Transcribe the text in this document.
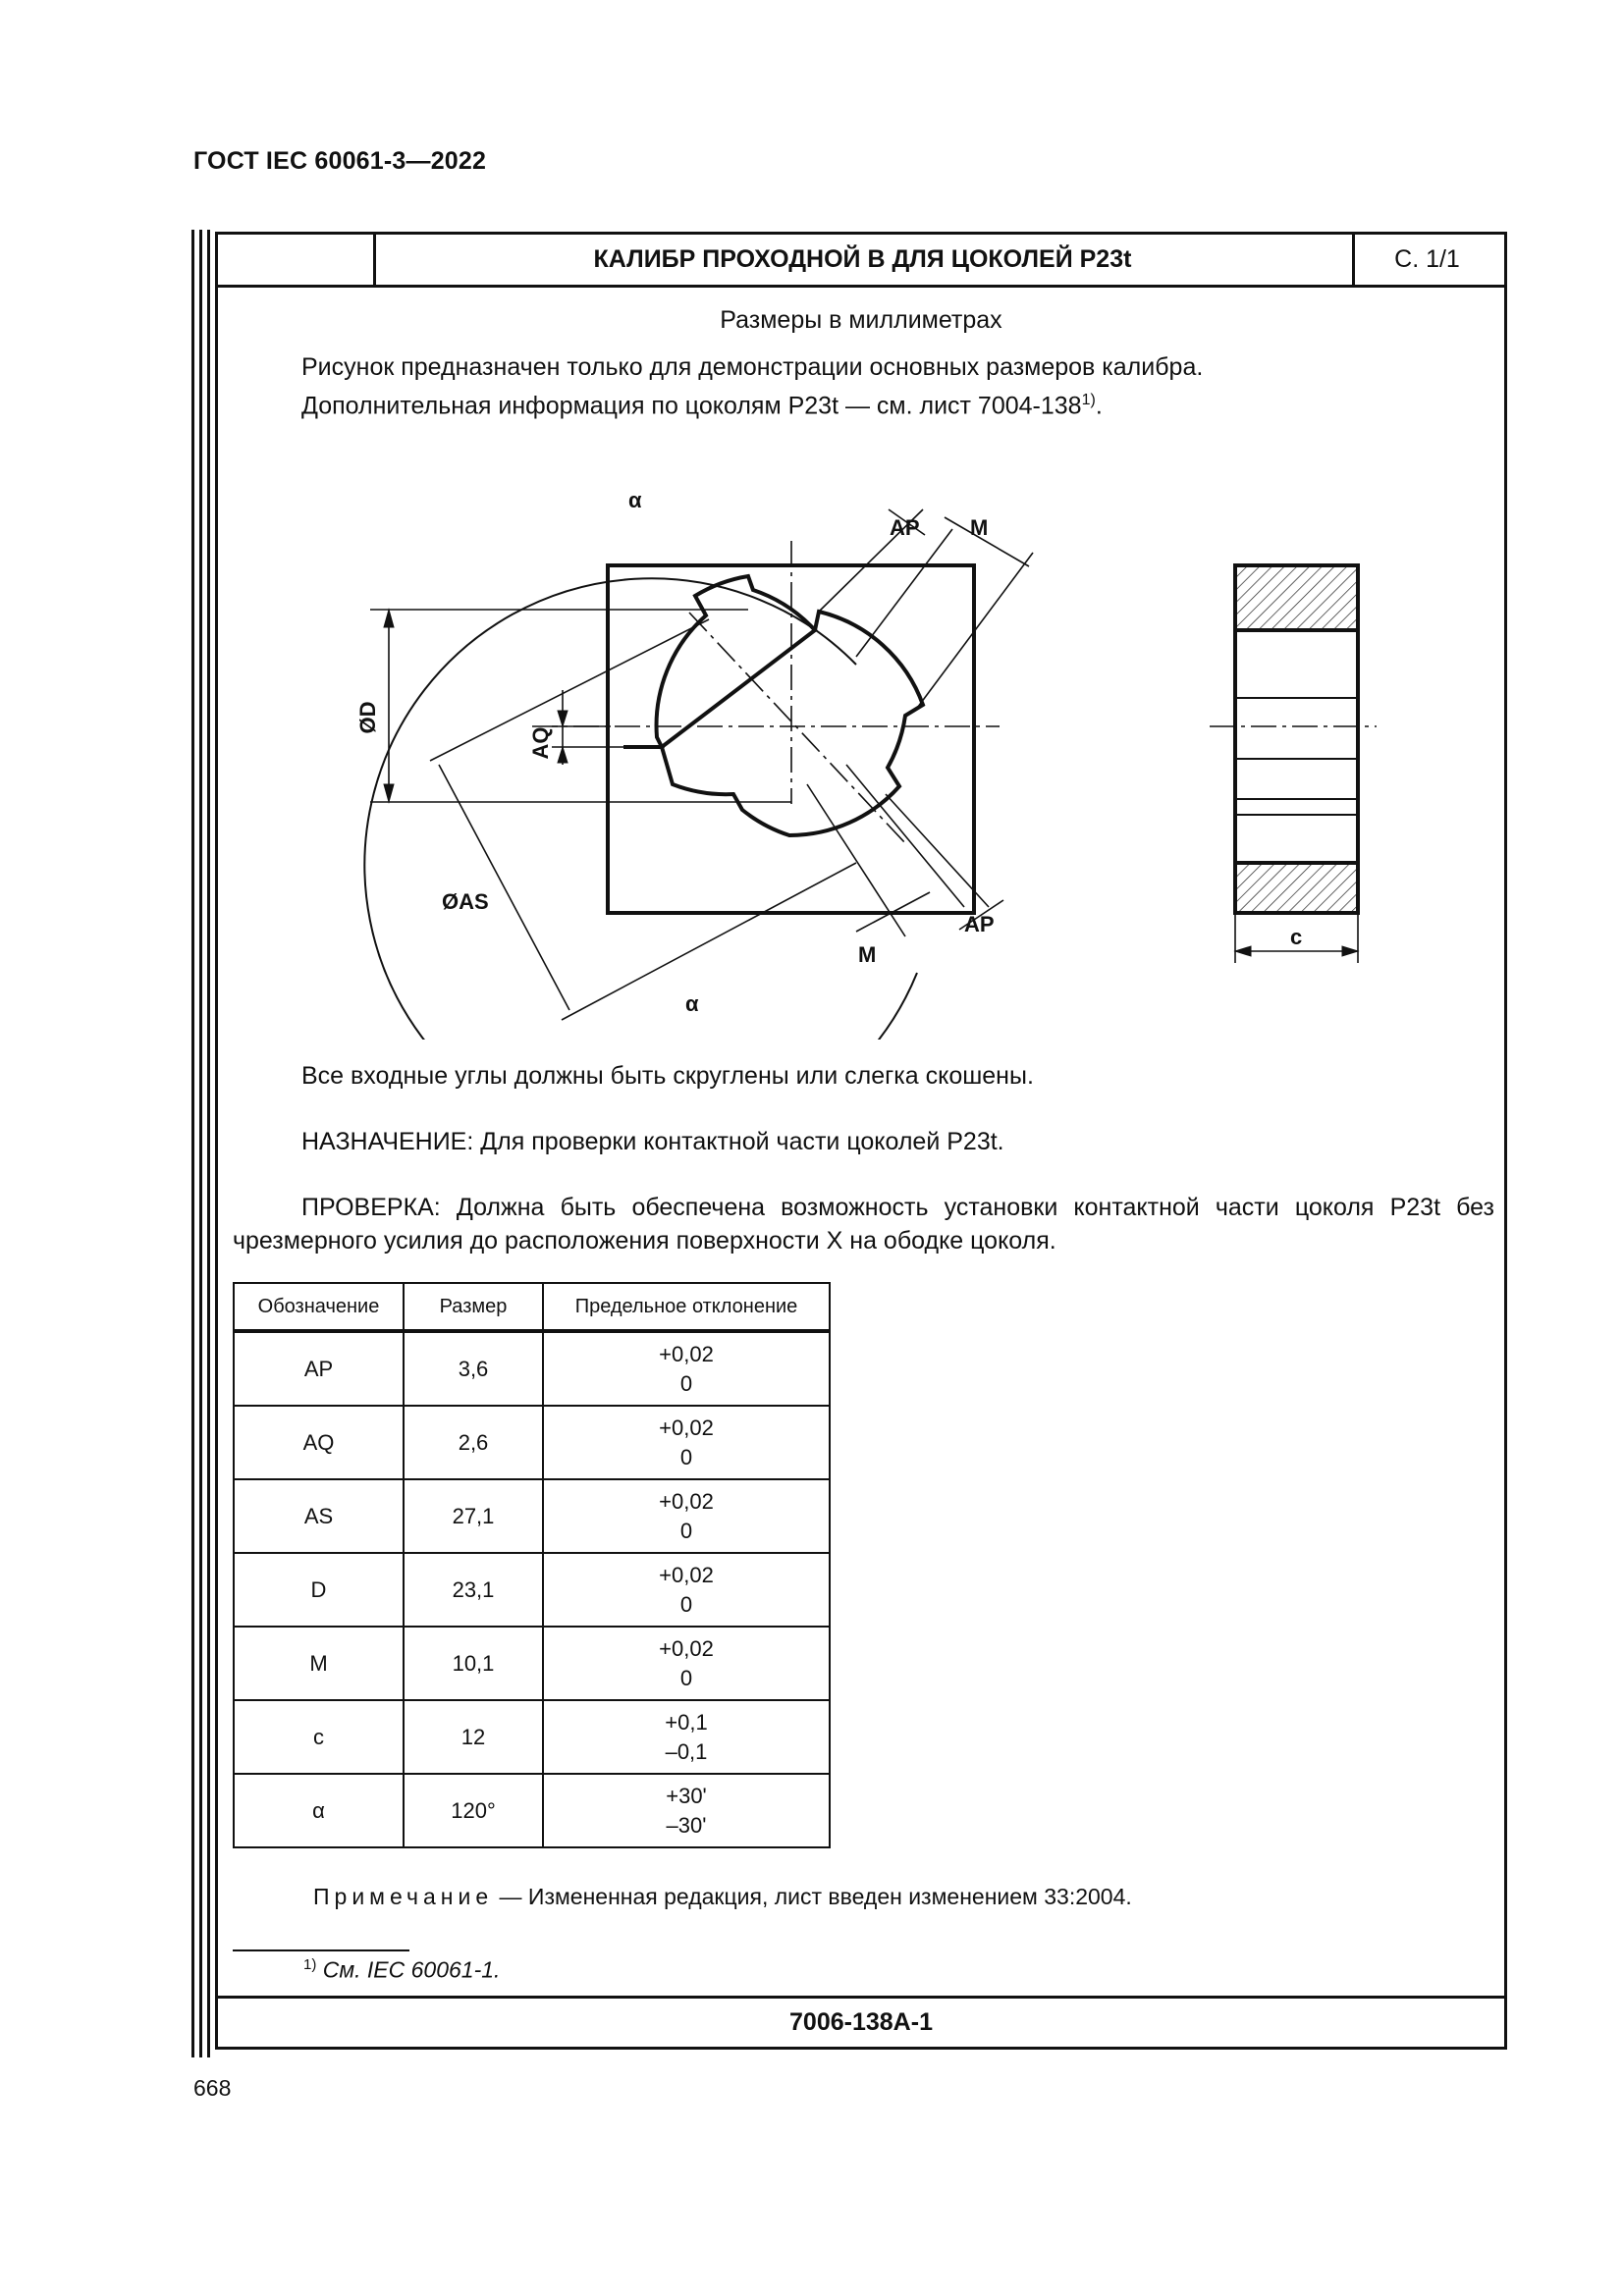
ГОСТ IEC 60061-3—2022
КАЛИБР ПРОХОДНОЙ В ДЛЯ ЦОКОЛЕЙ P23t	С. 1/1
Размеры в миллиметрах
Рисунок предназначен только для демонстрации основных размеров калибра.
Дополнительная информация по цоколям P23t — см. лист 7004-138$^{1)}$.
α
AP M
ØD
AQ
ØAS
AP
M
α
c
Все входные углы должны быть скруглены или слегка скошены.
НАЗНАЧЕНИЕ: Для проверки контактной части цоколей P23t.
ПРОВЕРКА: Должна быть обеспечена возможность установки контактной части цоколя P23t без чрезмерного усилия до расположения поверхности X на ободке цоколя.
Обозначение	Размер	Предельное отклонение
AP	3,6	+0,02
0

AQ	2,6	+0,02
0

AS	27,1	+0,02
0

D	23,1	+0,02
0

M	10,1	+0,02
0

c	12	+0,1
–0,1

α	120°	+30'
–30'
Примечание — Измененная редакция, лист введен изменением 33:2004.
$^{1)}$ См. IEC 60061-1.
7006-138A-1
668
